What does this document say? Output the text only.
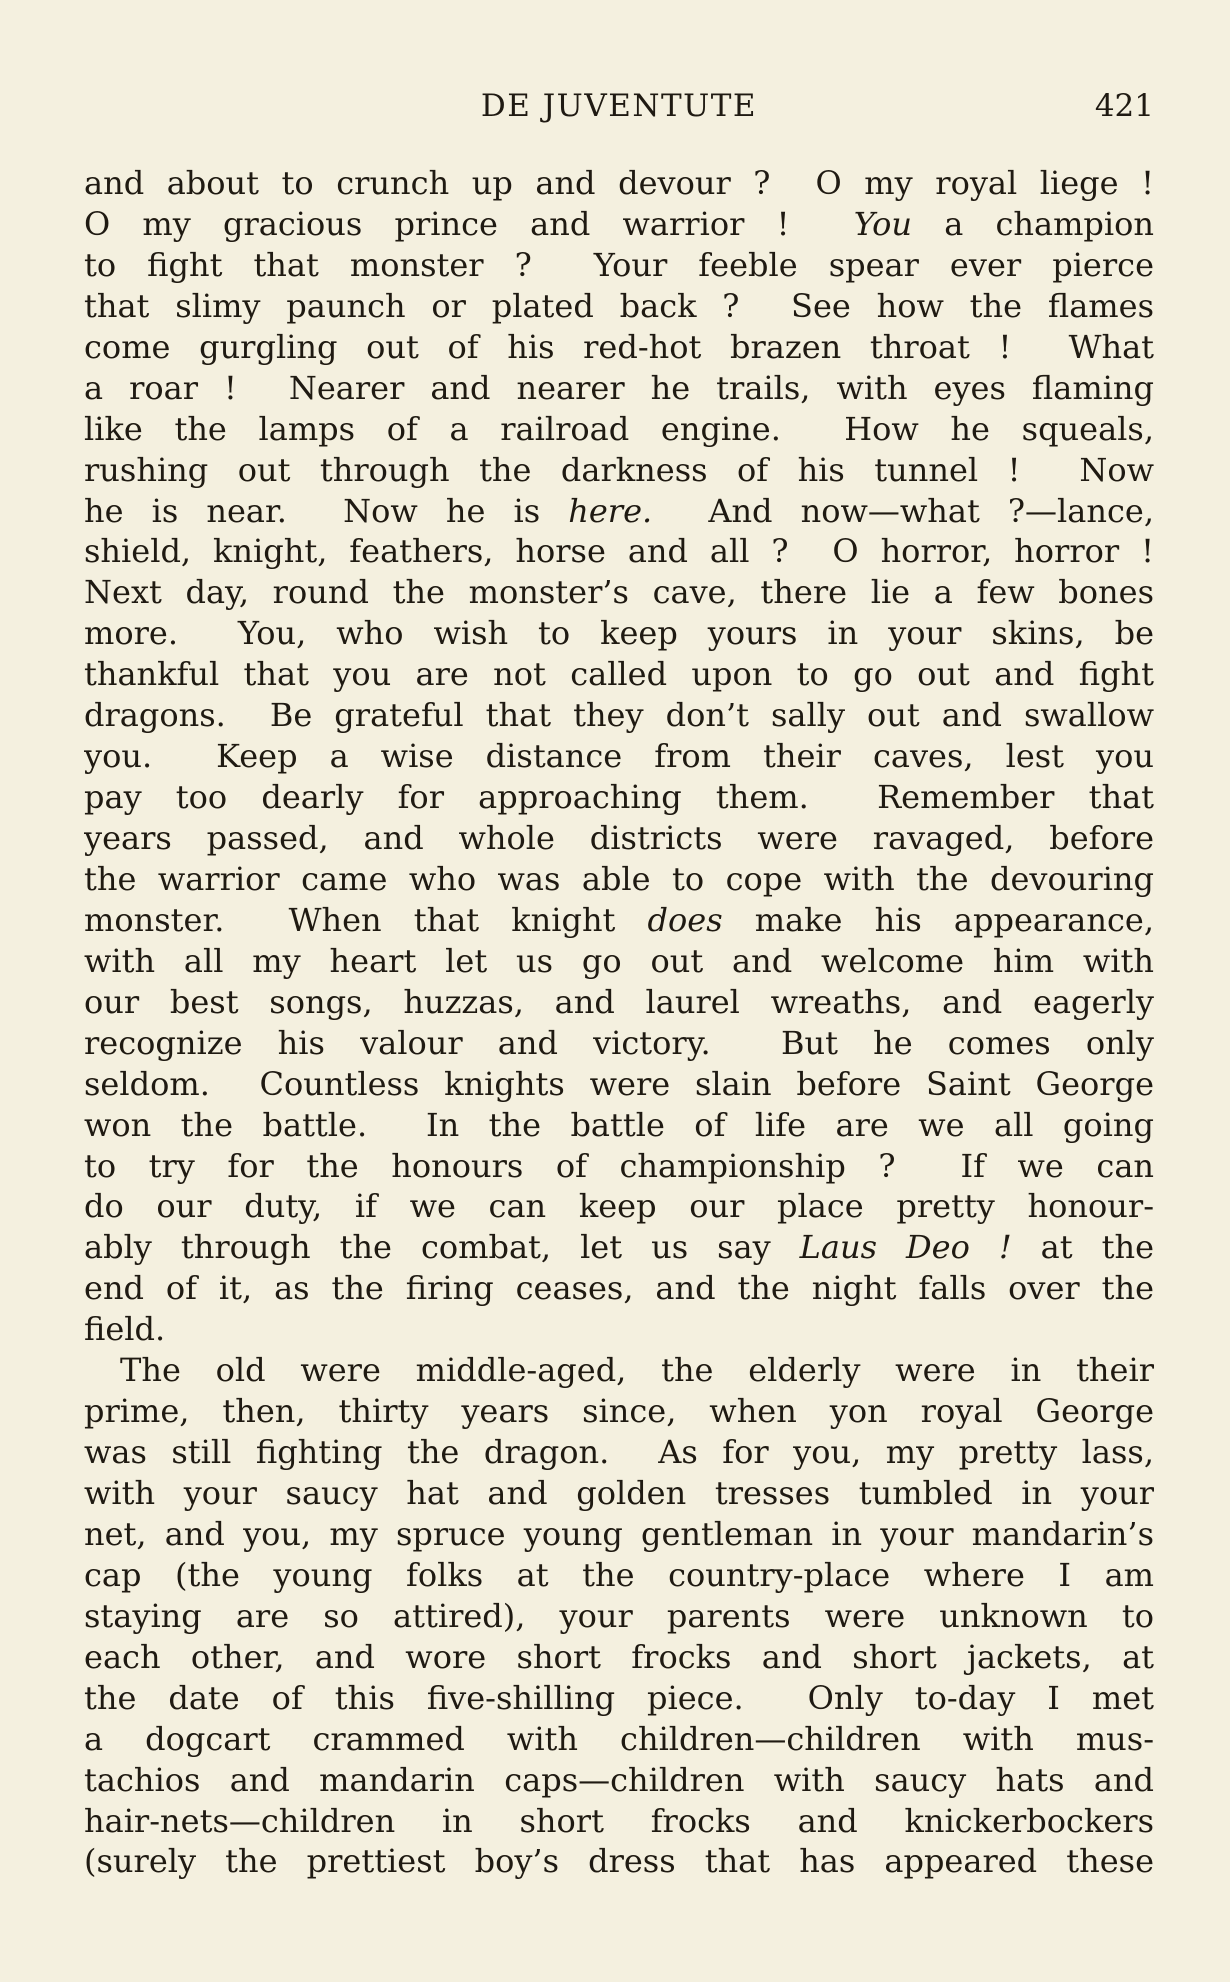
DE JUVENTUTE	421
and about to crunch up and devour ?  O my royal liege !
O my gracious prince and warrior !  You a champion
to fight that monster ?  Your feeble spear ever pierce
that slimy paunch or plated back ?  See how the flames
come gurgling out of his red-hot brazen throat !  What
a roar !  Nearer and nearer he trails, with eyes flaming
like the lamps of a railroad engine.  How he squeals,
rushing out through the darkness of his tunnel !  Now
he is near.  Now he is here.  And now—what ?—lance,
shield, knight, feathers, horse and all ?  O horror, horror !
Next day, round the monster’s cave, there lie a few bones
more.  You, who wish to keep yours in your skins, be
thankful that you are not called upon to go out and fight
dragons.  Be grateful that they don’t sally out and swallow
you.  Keep a wise distance from their caves, lest you
pay too dearly for approaching them.  Remember that
years passed, and whole districts were ravaged, before
the warrior came who was able to cope with the devouring
monster.  When that knight does make his appearance,
with all my heart let us go out and welcome him with
our best songs, huzzas, and laurel wreaths, and eagerly
recognize his valour and victory.  But he comes only
seldom.  Countless knights were slain before Saint George
won the battle.  In the battle of life are we all going
to try for the honours of championship ?  If we can
do our duty, if we can keep our place pretty honour-
ably through the combat, let us say Laus Deo ! at the
end of it, as the firing ceases, and the night falls over the
field.
The old were middle-aged, the elderly were in their
prime, then, thirty years since, when yon royal George
was still fighting the dragon.  As for you, my pretty lass,
with your saucy hat and golden tresses tumbled in your
net, and you, my spruce young gentleman in your mandarin’s
cap (the young folks at the country-place where I am
staying are so attired), your parents were unknown to
each other, and wore short frocks and short jackets, at
the date of this five-shilling piece.  Only to-day I met
a dogcart crammed with children—children with mus-
tachios and mandarin caps—children with saucy hats and
hair-nets—children in short frocks and knickerbockers
(surely the prettiest boy’s dress that has appeared these
